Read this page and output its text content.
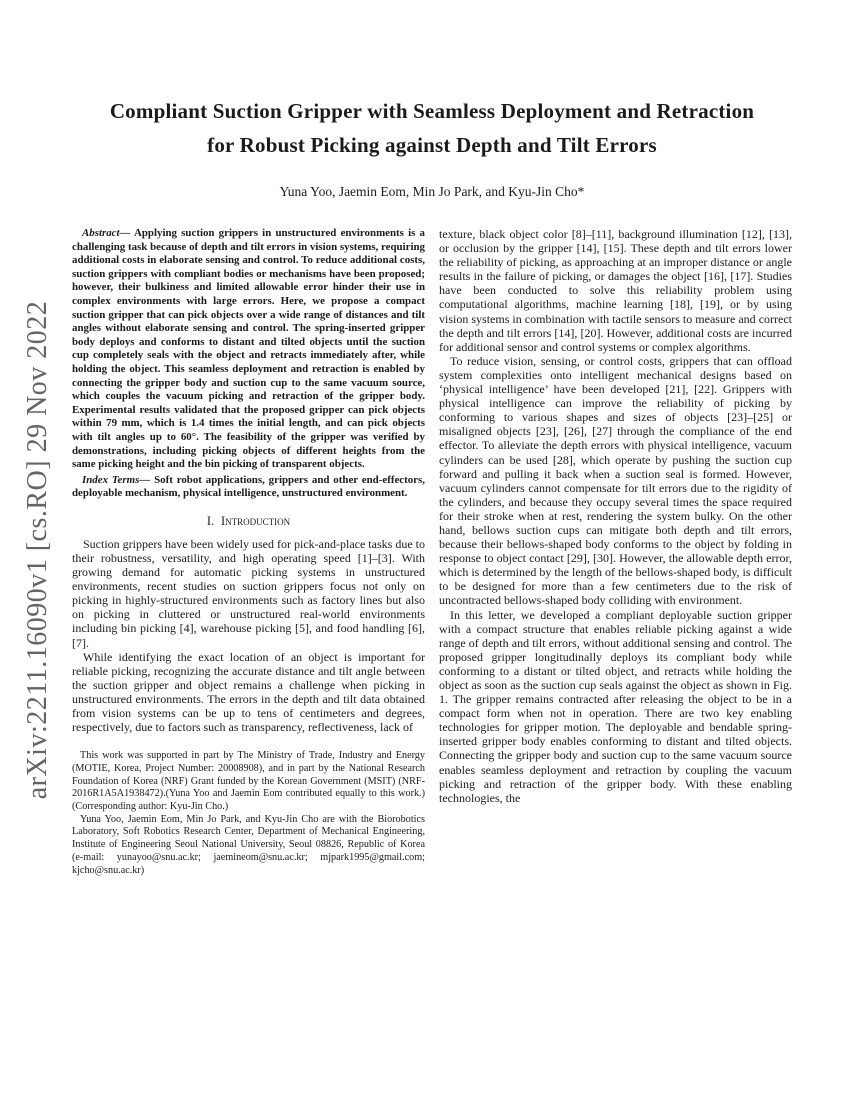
arXiv:2211.16090v1 [cs.RO] 29 Nov 2022
Compliant Suction Gripper with Seamless Deployment and Retraction
for Robust Picking against Depth and Tilt Errors
Yuna Yoo, Jaemin Eom, Min Jo Park, and Kyu-Jin Cho*

Abstract— Applying suction grippers in unstructured environments is a challenging task because of depth and tilt errors in vision systems, requiring additional costs in elaborate sensing and control. To reduce additional costs, suction grippers with compliant bodies or mechanisms have been proposed; however, their bulkiness and limited allowable error hinder their use in complex environments with large errors. Here, we propose a compact suction gripper that can pick objects over a wide range of distances and tilt angles without elaborate sensing and control. The spring-inserted gripper body deploys and conforms to distant and tilted objects until the suction cup completely seals with the object and retracts immediately after, while holding the object. This seamless deployment and retraction is enabled by connecting the gripper body and suction cup to the same vacuum source, which couples the vacuum picking and retraction of the gripper body. Experimental results validated that the proposed gripper can pick objects within 79 mm, which is 1.4 times the initial length, and can pick objects with tilt angles up to 60°. The feasibility of the gripper was verified by demonstrations, including picking objects of different heights from the same picking height and the bin picking of transparent objects.

Index Terms— Soft robot applications, grippers and other end-effectors, deployable mechanism, physical intelligence, unstructured environment.

I. Introduction

Suction grippers have been widely used for pick-and-place tasks due to their robustness, versatility, and high operating speed [1]–[3]. With growing demand for automatic picking systems in unstructured environments, recent studies on suction grippers focus not only on picking in highly-structured environments such as factory lines but also on picking in cluttered or unstructured real-world environments including bin picking [4], warehouse picking [5], and food handling [6], [7].

While identifying the exact location of an object is important for reliable picking, recognizing the accurate distance and tilt angle between the suction gripper and object remains a challenge when picking in unstructured environments. The errors in the depth and tilt data obtained from vision systems can be up to tens of centimeters and degrees, respectively, due to factors such as transparency, reflectiveness, lack of

This work was supported in part by The Ministry of Trade, Industry and Energy (MOTIE, Korea, Project Number: 20008908), and in part by the National Research Foundation of Korea (NRF) Grant funded by the Korean Government (MSIT) (NRF-2016R1A5A1938472).(Yuna Yoo and Jaemin Eom contributed equally to this work.) (Corresponding author: Kyu-Jin Cho.)

Yuna Yoo, Jaemin Eom, Min Jo Park, and Kyu-Jin Cho are with the Biorobotics Laboratory, Soft Robotics Research Center, Department of Mechanical Engineering, Institute of Engineering Seoul National University, Seoul 08826, Republic of Korea (e-mail: yunayoo@snu.ac.kr; jaemineom@snu.ac.kr; mjpark1995@gmail.com; kjcho@snu.ac.kr)

texture, black object color [8]–[11], background illumination [12], [13], or occlusion by the gripper [14], [15]. These depth and tilt errors lower the reliability of picking, as approaching at an improper distance or angle results in the failure of picking, or damages the object [16], [17]. Studies have been conducted to solve this reliability problem using computational algorithms, machine learning [18], [19], or by using vision systems in combination with tactile sensors to measure and correct the depth and tilt errors [14], [20]. However, additional costs are incurred for additional sensor and control systems or complex algorithms.

To reduce vision, sensing, or control costs, grippers that can offload system complexities onto intelligent mechanical designs based on ‘physical intelligence’ have been developed [21], [22]. Grippers with physical intelligence can improve the reliability of picking by conforming to various shapes and sizes of objects [23]–[25] or misaligned objects [23], [26], [27] through the compliance of the end effector. To alleviate the depth errors with physical intelligence, vacuum cylinders can be used [28], which operate by pushing the suction cup forward and pulling it back when a suction seal is formed. However, vacuum cylinders cannot compensate for tilt errors due to the rigidity of the cylinders, and because they occupy several times the space required for their stroke when at rest, rendering the system bulky. On the other hand, bellows suction cups can mitigate both depth and tilt errors, because their bellows-shaped body conforms to the object by folding in response to object contact [29], [30]. However, the allowable depth error, which is determined by the length of the bellows-shaped body, is difficult to be designed for more than a few centimeters due to the risk of uncontracted bellows-shaped body colliding with environment.

In this letter, we developed a compliant deployable suction gripper with a compact structure that enables reliable picking against a wide range of depth and tilt errors, without additional sensing and control. The proposed gripper longitudinally deploys its compliant body while conforming to a distant or tilted object, and retracts while holding the object as soon as the suction cup seals against the object as shown in Fig. 1. The gripper remains contracted after releasing the object to be in a compact form when not in operation. There are two key enabling technologies for gripper motion. The deployable and bendable spring-inserted gripper body enables conforming to distant and tilted objects. Connecting the gripper body and suction cup to the same vacuum source enables seamless deployment and retraction by coupling the vacuum picking and retraction of the gripper body. With these enabling technologies, the
